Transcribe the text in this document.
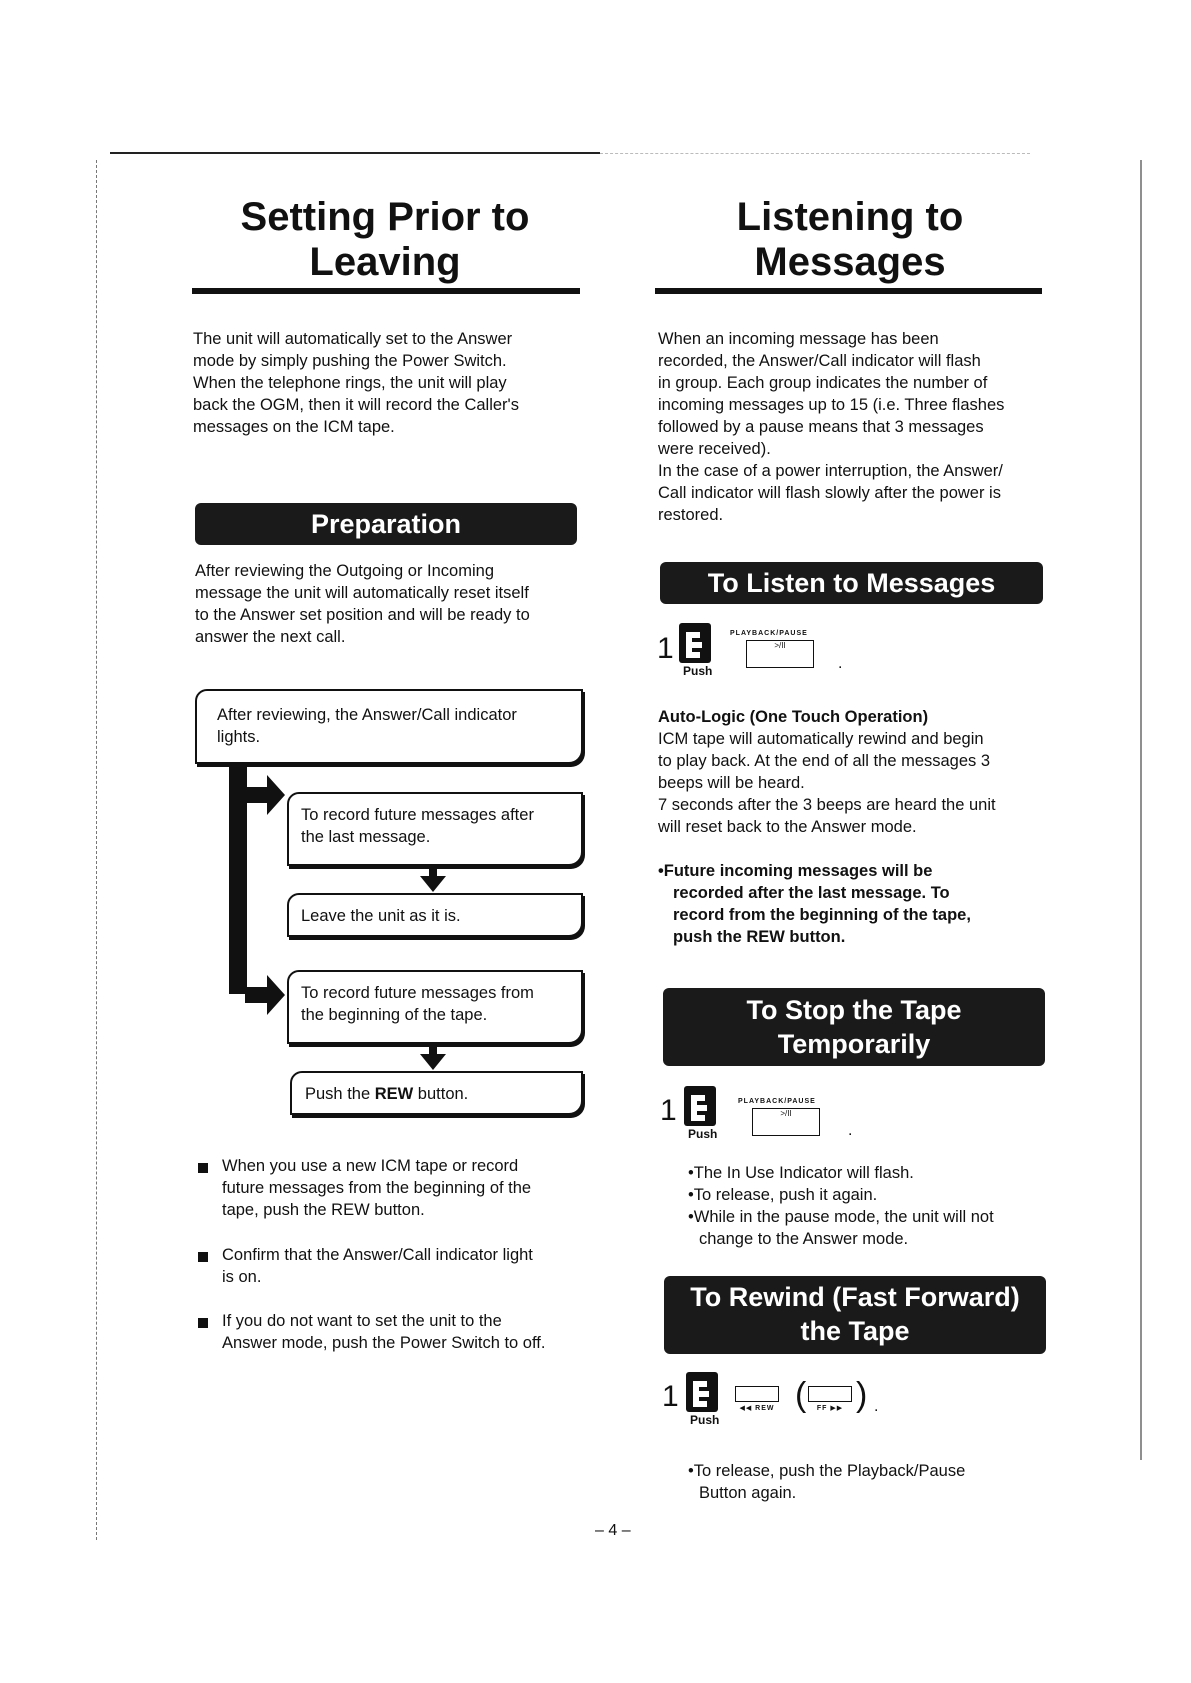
Setting Prior to
Leaving
The unit will automatically set to the Answer
mode by simply pushing the Power Switch.
When the telephone rings, the unit will play
back the OGM, then it will record the Caller's
messages on the ICM tape.
Preparation
After reviewing the Outgoing or Incoming
message the unit will automatically reset itself
to the Answer set position and will be ready to
answer the next call.
After reviewing, the Answer/Call indicator
lights.
To record future messages after
the last message.
Leave the unit as it is.
To record future messages from
the beginning of the tape.
Push the REW button.
When you use a new ICM tape or record
future messages from the beginning of the
tape, push the REW button.
Confirm that the Answer/Call indicator light
is on.
If you do not want to set the unit to the
Answer mode, push the Power Switch to off.
Listening to
Messages
When an incoming message has been
recorded, the Answer/Call indicator will flash
in group. Each group indicates the number of
incoming messages up to 15 (i.e. Three flashes
followed by a pause means that 3 messages
were received).
In the case of a power interruption, the Answer/
Call indicator will flash slowly after the power is
restored.
To Listen to Messages
1
Push
PLAYBACK/PAUSE
>/II
.
Auto-Logic (One Touch Operation)
ICM tape will automatically rewind and begin
to play back. At the end of all the messages 3
beeps will be heard.
7 seconds after the 3 beeps are heard the unit
will reset back to the Answer mode.
•Future incoming messages will be
recorded after the last message. To
record from the beginning of the tape,
push the REW button.
To Stop the Tape
Temporarily
1
Push
PLAYBACK/PAUSE
>/II
.
•The In Use Indicator will flash.
•To release, push it again.
•While in the pause mode, the unit will not
change to the Answer mode.
To Rewind (Fast Forward)
the Tape
1
Push
◀◀ REW (	FF ▶▶ ) .
•To release, push the Playback/Pause
Button again.
– 4 –
